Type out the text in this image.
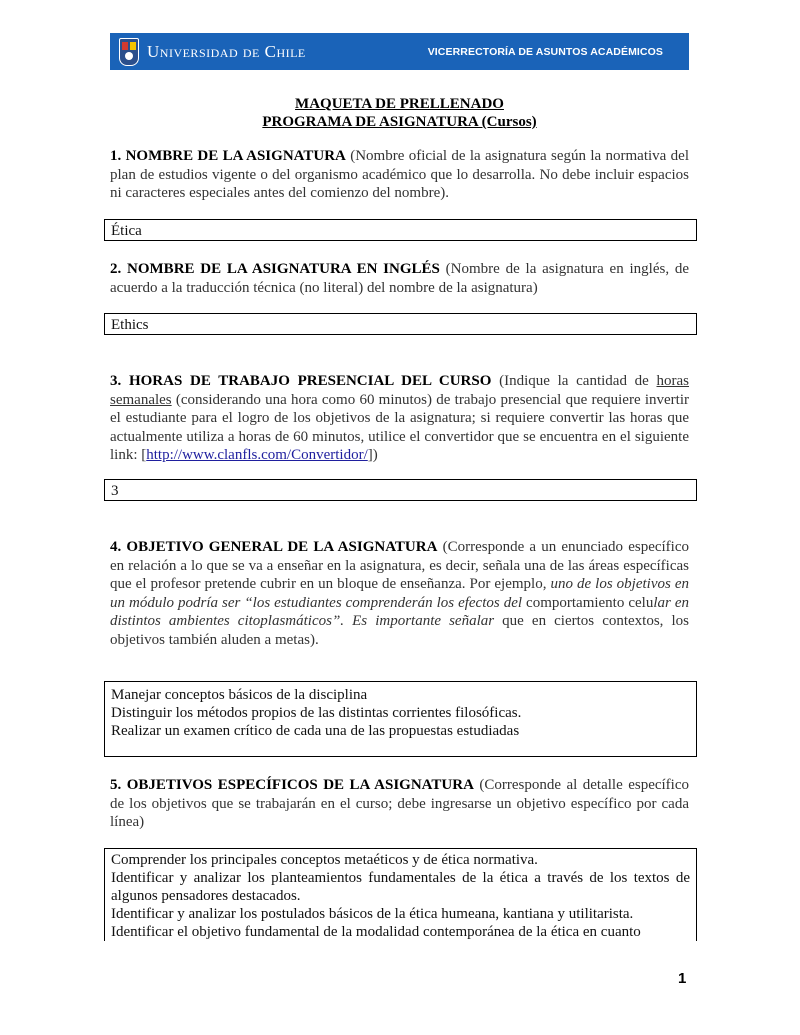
Universidad de Chile	VICERRECTORÍA DE ASUNTOS ACADÉMICOS
MAQUETA DE PRELLENADO
PROGRAMA DE ASIGNATURA (Cursos)
1. NOMBRE DE LA ASIGNATURA (Nombre oficial de la asignatura según la normativa del plan de estudios vigente o del organismo académico que lo desarrolla. No debe incluir espacios ni caracteres especiales antes del comienzo del nombre).
Ética
2. NOMBRE DE LA ASIGNATURA EN INGLÉS (Nombre de la asignatura en inglés, de acuerdo a la traducción técnica (no literal) del nombre de la asignatura)
Ethics
3. HORAS DE TRABAJO PRESENCIAL DEL CURSO (Indique la cantidad de horas semanales (considerando una hora como 60 minutos) de trabajo presencial que requiere invertir el estudiante para el logro de los objetivos de la asignatura; si requiere convertir las horas que actualmente utiliza a horas de 60 minutos, utilice el convertidor que se encuentra en el siguiente link: [http://www.clanfls.com/Convertidor/])
3
4. OBJETIVO GENERAL DE LA ASIGNATURA (Corresponde a un enunciado específico en relación a lo que se va a enseñar en la asignatura, es decir, señala una de las áreas específicas que el profesor pretende cubrir en un bloque de enseñanza. Por ejemplo, uno de los objetivos en un módulo podría ser “los estudiantes comprenderán los efectos del comportamiento celular en distintos ambientes citoplasmáticos”. Es importante señalar que en ciertos contextos, los objetivos también aluden a metas).
Manejar conceptos básicos de la disciplina
Distinguir los métodos propios de las distintas corrientes filosóficas.
Realizar un examen crítico de cada una de las propuestas estudiadas
5. OBJETIVOS ESPECÍFICOS DE LA ASIGNATURA (Corresponde al detalle específico de los objetivos que se trabajarán en el curso; debe ingresarse un objetivo específico por cada línea)
Comprender los principales conceptos metaéticos y de ética normativa.
Identificar y analizar los planteamientos fundamentales de la ética a través de los textos de algunos pensadores destacados.
Identificar y analizar los postulados básicos de la ética humeana, kantiana y utilitarista.
Identificar el objetivo fundamental de la modalidad contemporánea de la ética en cuanto
1
